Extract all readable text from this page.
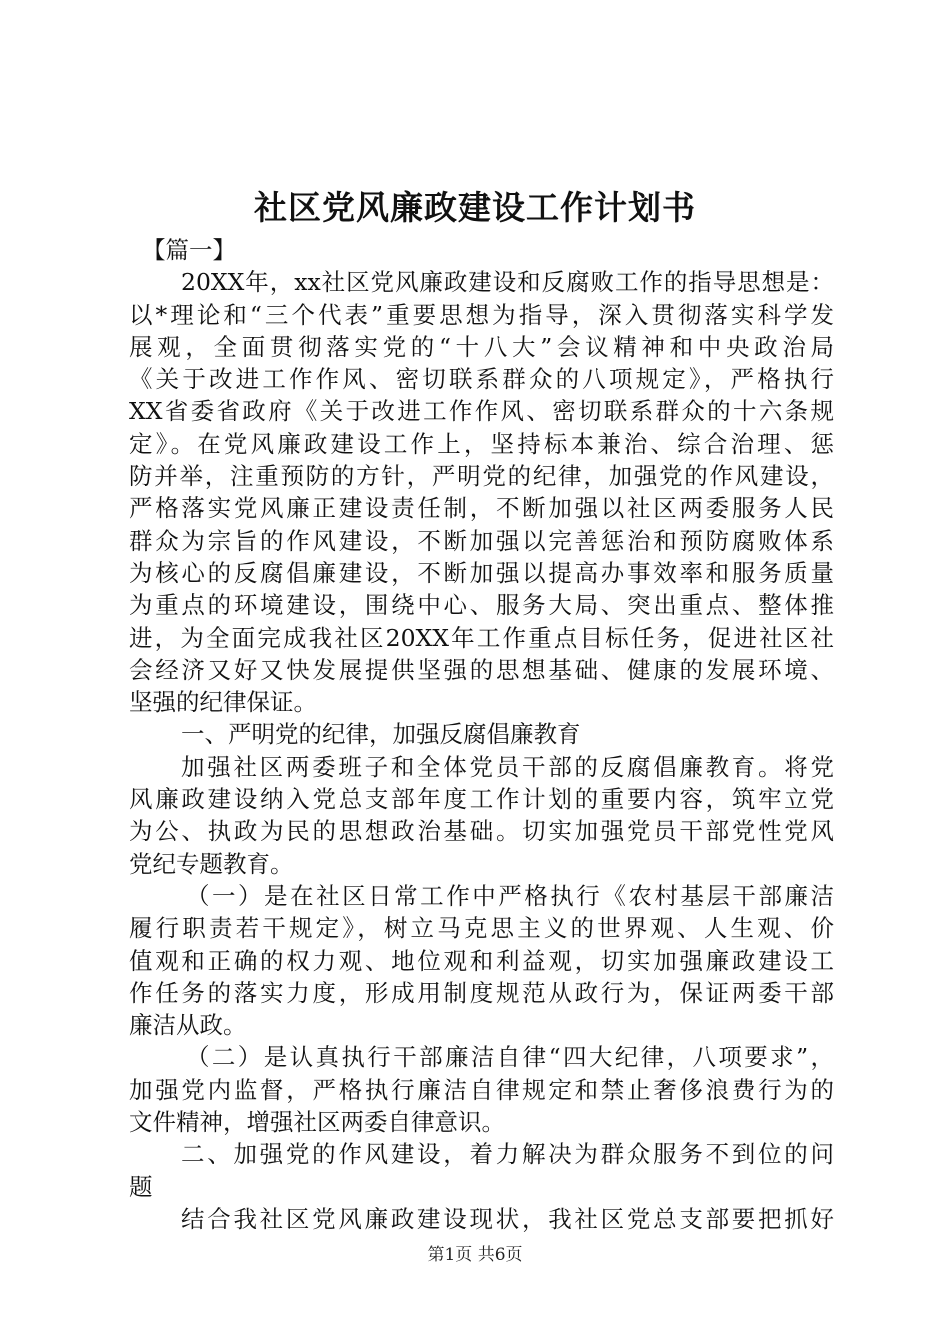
社区党风廉政建设工作计划书
【篇一】
20XX年，xx社区党风廉政建设和反腐败工作的指导思想是：
以*理论和“三个代表”重要思想为指导，深入贯彻落实科学发
展观，全面贯彻落实党的“十八大”会议精神和中央政治局
《关于改进工作作风、密切联系群众的八项规定》，严格执行
XX省委省政府《关于改进工作作风、密切联系群众的十六条规
定》。在党风廉政建设工作上，坚持标本兼治、综合治理、惩
防并举，注重预防的方针，严明党的纪律，加强党的作风建设，
严格落实党风廉正建设责任制，不断加强以社区两委服务人民
群众为宗旨的作风建设，不断加强以完善惩治和预防腐败体系
为核心的反腐倡廉建设，不断加强以提高办事效率和服务质量
为重点的环境建设，围绕中心、服务大局、突出重点、整体推
进，为全面完成我社区20XX年工作重点目标任务，促进社区社
会经济又好又快发展提供坚强的思想基础、健康的发展环境、
坚强的纪律保证。
一、严明党的纪律，加强反腐倡廉教育
加强社区两委班子和全体党员干部的反腐倡廉教育。将党
风廉政建设纳入党总支部年度工作计划的重要内容，筑牢立党
为公、执政为民的思想政治基础。切实加强党员干部党性党风
党纪专题教育。
（一）是在社区日常工作中严格执行《农村基层干部廉洁
履行职责若干规定》，树立马克思主义的世界观、人生观、价
值观和正确的权力观、地位观和利益观，切实加强廉政建设工
作任务的落实力度，形成用制度规范从政行为，保证两委干部
廉洁从政。
（二）是认真执行干部廉洁自律“四大纪律，八项要求”，
加强党内监督，严格执行廉洁自律规定和禁止奢侈浪费行为的
文件精神，增强社区两委自律意识。
二、加强党的作风建设，着力解决为群众服务不到位的问
题
结合我社区党风廉政建设现状，我社区党总支部要把抓好
第1页 共6页
